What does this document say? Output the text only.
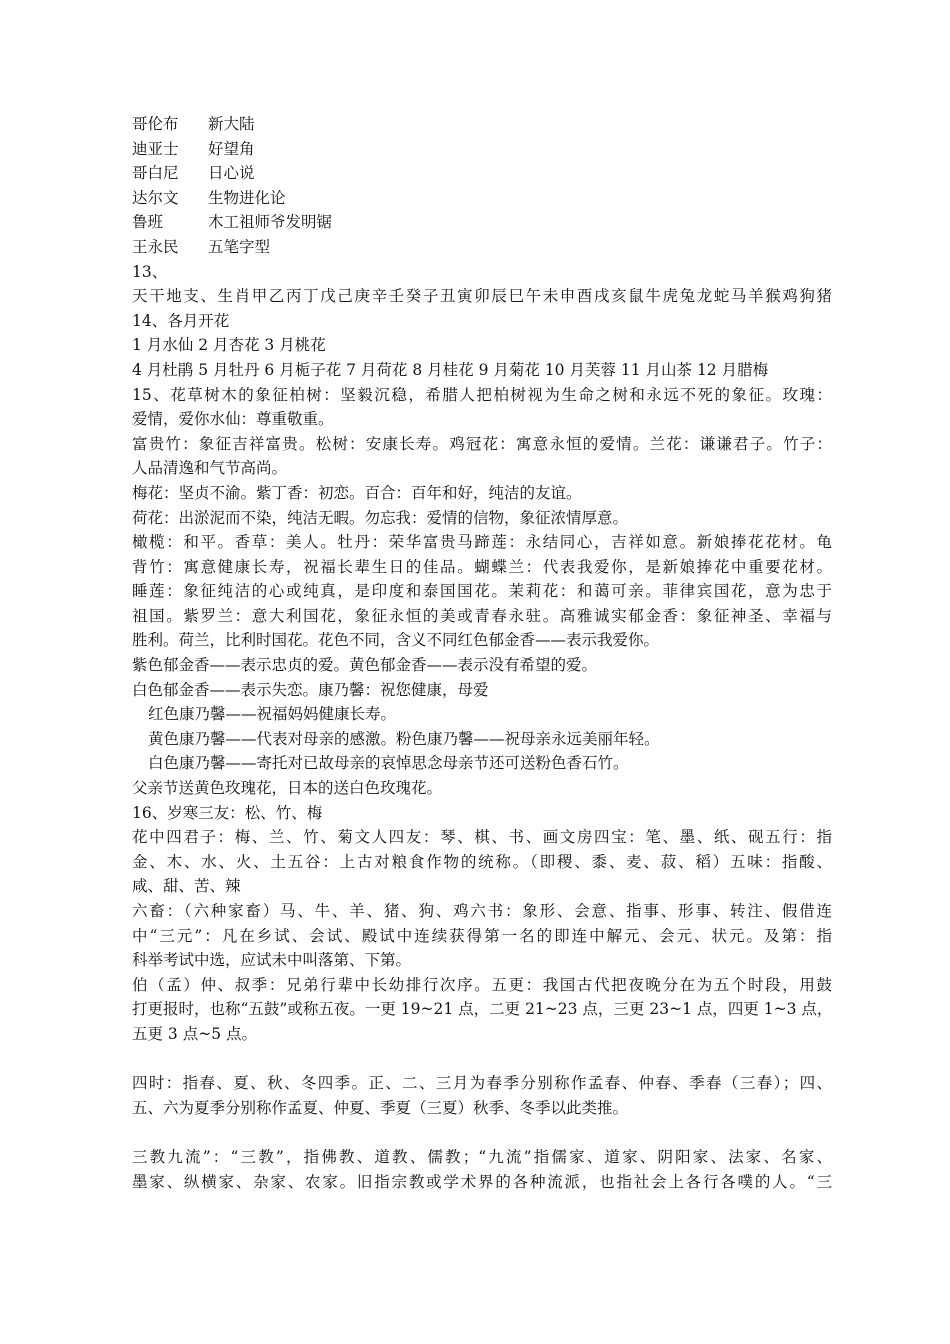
哥伦布 新大陆
迪亚士 好望角
哥白尼 日心说
达尔文 生物进化论
鲁班	木工祖师爷发明锯
王永民 五笔字型
13、
天干地支、生肖甲乙丙丁戊己庚辛壬癸子丑寅卯辰巳午未申酉戌亥鼠牛虎兔龙蛇马羊猴鸡狗猪
14、各月开花
1 月水仙 2 月杏花 3 月桃花
4 月杜鹃 5 月牡丹 6 月栀子花 7 月荷花 8 月桂花 9 月菊花 10 月芙蓉 11 月山茶 12 月腊梅
15、花草树木的象征柏树：坚毅沉稳，希腊人把柏树视为生命之树和永远不死的象征。玫瑰：
爱情，爱你水仙：尊重敬重。
富贵竹：象征吉祥富贵。松树：安康长寿。鸡冠花：寓意永恒的爱情。兰花：谦谦君子。竹子：
人品清逸和气节高尚。
梅花：坚贞不渝。紫丁香：初恋。百合：百年和好，纯洁的友谊。
荷花：出淤泥而不染，纯洁无暇。勿忘我：爱情的信物，象征浓情厚意。
橄榄：和平。香草：美人。牡丹：荣华富贵马蹄莲：永结同心，吉祥如意。新娘捧花花材。龟
背竹：寓意健康长寿，祝福长辈生日的佳品。蝴蝶兰：代表我爱你，是新娘捧花中重要花材。
睡莲：象征纯洁的心或纯真，是印度和泰国国花。茉莉花：和蔼可亲。菲律宾国花，意为忠于
祖国。紫罗兰：意大利国花，象征永恒的美或青春永驻。高雅诚实郁金香：象征神圣、幸福与
胜利。荷兰，比利时国花。花色不同，含义不同红色郁金香——表示我爱你。
紫色郁金香——表示忠贞的爱。黄色郁金香——表示没有希望的爱。
白色郁金香——表示失恋。康乃馨：祝您健康，母爱
红色康乃馨——祝福妈妈健康长寿。
黄色康乃馨——代表对母亲的感激。粉色康乃馨——祝母亲永远美丽年轻。
白色康乃馨——寄托对已故母亲的哀悼思念母亲节还可送粉色香石竹。
父亲节送黄色玫瑰花，日本的送白色玫瑰花。
16、岁寒三友：松、竹、梅
花中四君子：梅、兰、竹、菊文人四友：琴、棋、书、画文房四宝：笔、墨、纸、砚五行：指
金、木、水、火、土五谷：上古对粮食作物的统称。（即稷、黍、麦、菽、稻）五味：指酸、
咸、甜、苦、辣
六畜：（六种家畜）马、牛、羊、猪、狗、鸡六书：象形、会意、指事、形事、转注、假借连
中“三元”：凡在乡试、会试、殿试中连续获得第一名的即连中解元、会元、状元。及第：指
科举考试中选，应试未中叫落第、下第。
伯（孟）仲、叔季：兄弟行辈中长幼排行次序。五更：我国古代把夜晚分在为五个时段，用鼓
打更报时，也称“五鼓”或称五夜。一更 19~21 点，二更 21~23 点，三更 23~1 点，四更 1~3 点，
五更 3 点~5 点。
四时：指春、夏、秋、冬四季。正、二、三月为春季分别称作孟春、仲春、季春（三春）；四、
五、六为夏季分别称作孟夏、仲夏、季夏（三夏）秋季、冬季以此类推。
三教九流”：“三教”，指佛教、道教、儒教；“九流”指儒家、道家、阴阳家、法家、名家、
墨家、纵横家、杂家、农家。旧指宗教或学术界的各种流派，也指社会上各行各噗的人。“三
